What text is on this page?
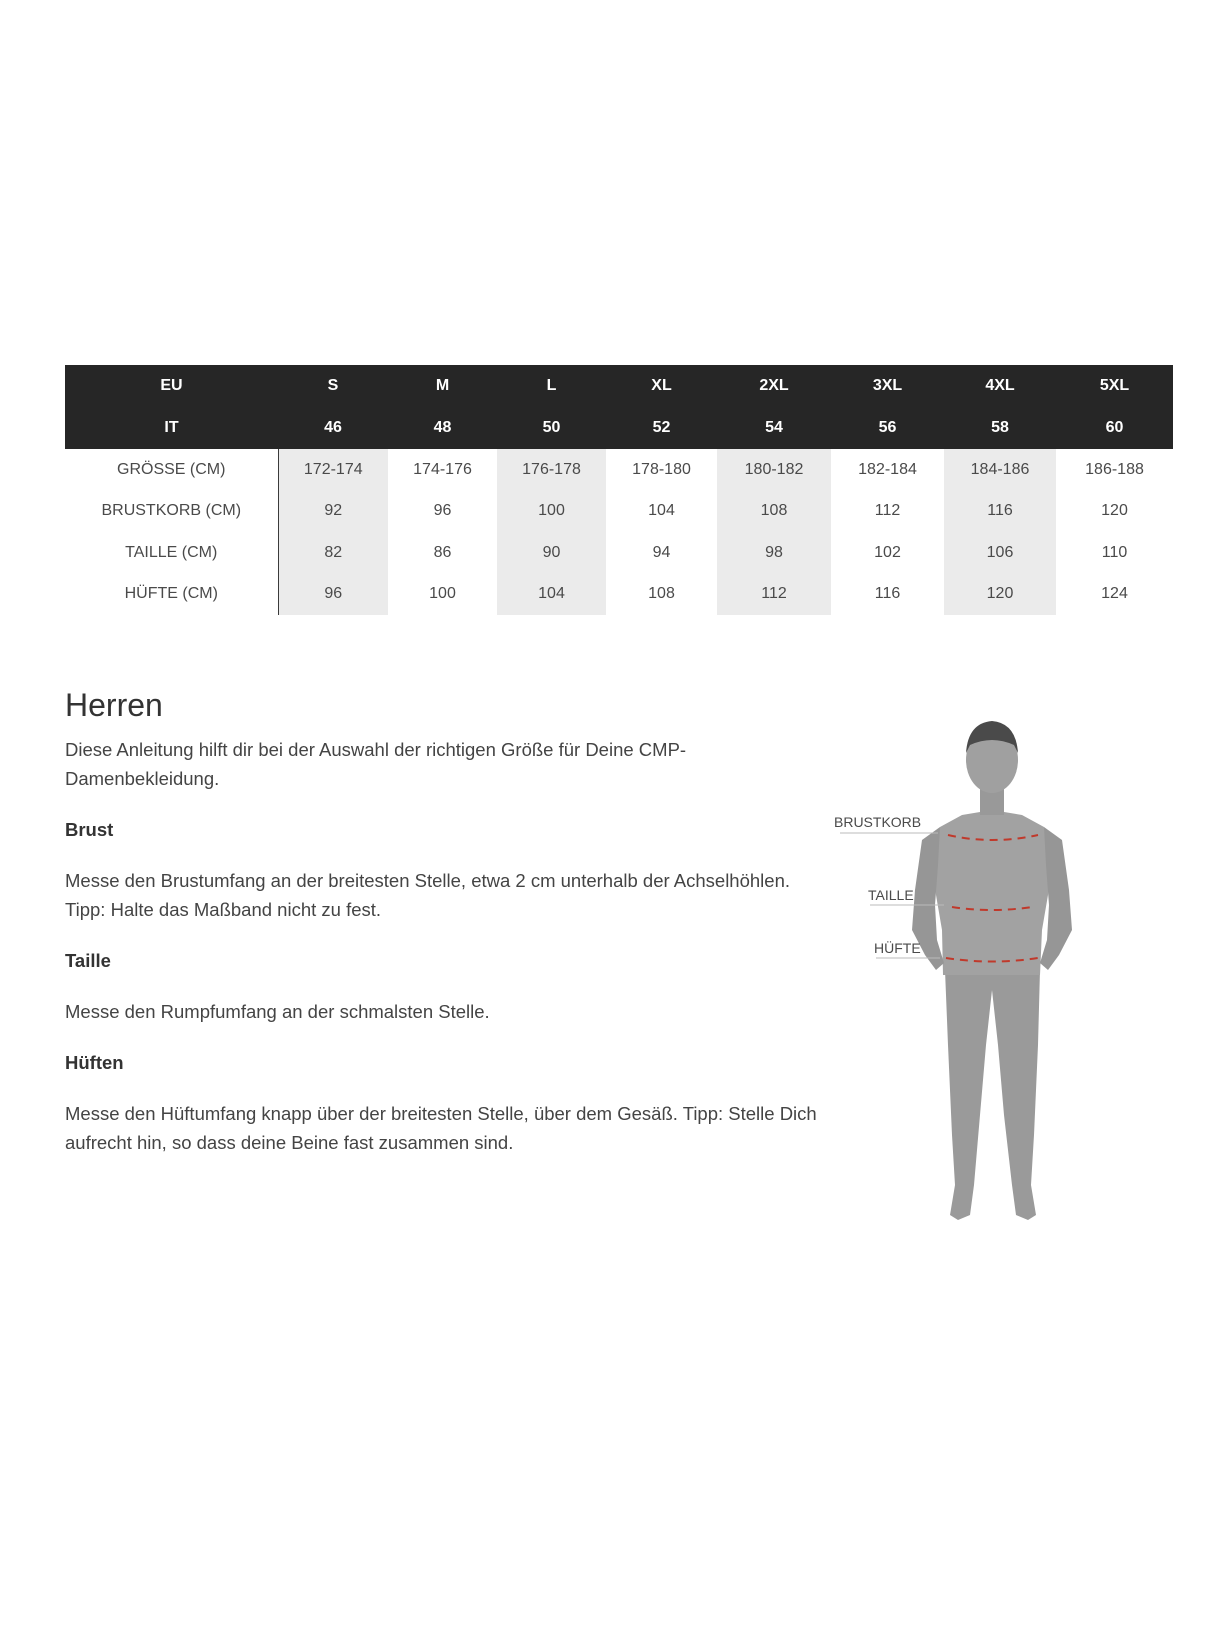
EU	S	M	L	XL	2XL	3XL	4XL	5XL
IT	46	48	50	52	54	56	58	60
GRÖSSE (CM)	172-174	174-176	176-178	178-180	180-182	182-184	184-186	186-188
BRUSTKORB (CM)	92	96	100	104	108	112	116	120
TAILLE (CM)	82	86	90	94	98	102	106	110
HÜFTE (CM)	96	100	104	108	112	116	120	124
Herren

Diese Anleitung hilft dir bei der Auswahl der richtigen Größe für Deine CMP-Damenbekleidung.

Brust

Messe den Brustumfang an der breitesten Stelle, etwa 2 cm unterhalb der Achselhöhlen. Tipp: Halte das Maßband nicht zu fest.

Taille

Messe den Rumpfumfang an der schmalsten Stelle.

Hüften

Messe den Hüftumfang knapp über der breitesten Stelle, über dem Gesäß. Tipp: Stelle Dich aufrecht hin, so dass deine Beine fast zusammen sind.

BRUSTKORB
TAILLE
HÜFTE
